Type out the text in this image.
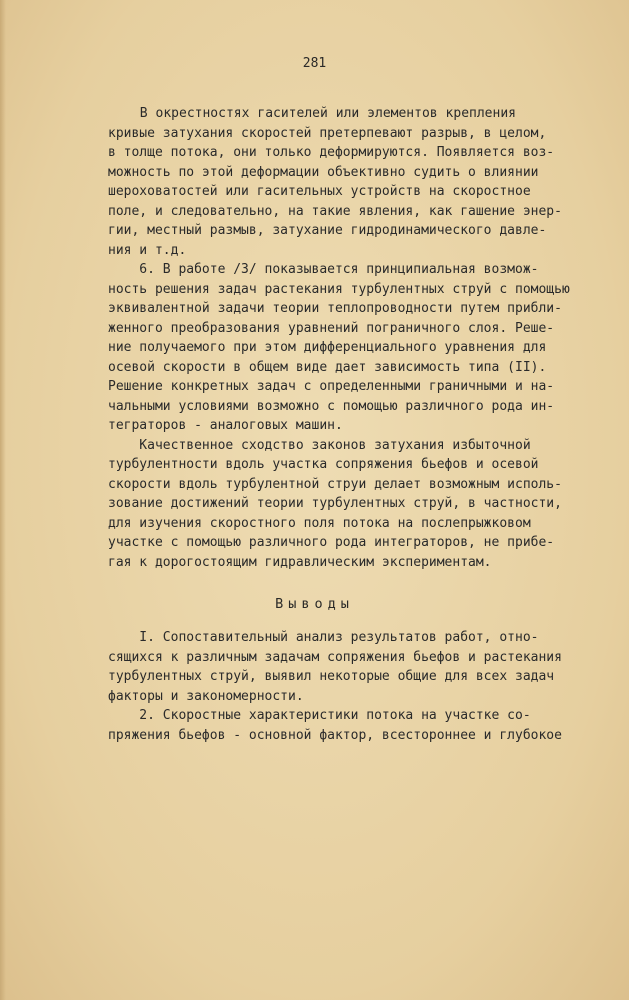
281
В окрестностях гасителей или элементов крепления
кривые затухания скоростей претерпевают разрыв, в целом,
в толще потока, они только деформируются. Появляется воз-
можность по этой деформации объективно судить о влиянии
шероховатостей или гасительных устройств на скоростное
поле, и следовательно, на такие явления, как гашение энер-
гии, местный размыв, затухание гидродинамического давле-
ния и т.д.
6. В работе /3/ показывается принципиальная возмож-
ность решения задач растекания турбулентных струй с помощью
эквивалентной задачи теории теплопроводности путем прибли-
женного преобразования уравнений пограничного слоя. Реше-
ние получаемого при этом дифференциального уравнения для
осевой скорости в общем виде дает зависимость типа (II).
Решение конкретных задач с определенными граничными и на-
чальными условиями возможно с помощью различного рода ин-
теграторов - аналоговых машин.
Качественное сходство законов затухания избыточной
турбулентности вдоль участка сопряжения бьефов и осевой
скорости вдоль турбулентной струи делает возможным исполь-
зование достижений теории турбулентных струй, в частности,
для изучения скоростного поля потока на послепрыжковом
участке с помощью различного рода интеграторов, не прибе-
гая к дорогостоящим гидравлическим экспериментам.
Выводы
I. Сопоставительный анализ результатов работ, отно-
сящихся к различным задачам сопряжения бьефов и растекания
турбулентных струй, выявил некоторые общие для всех задач
факторы и закономерности.
2. Скоростные характеристики потока на участке со-
пряжения бьефов - основной фактор, всестороннее и глубокое
